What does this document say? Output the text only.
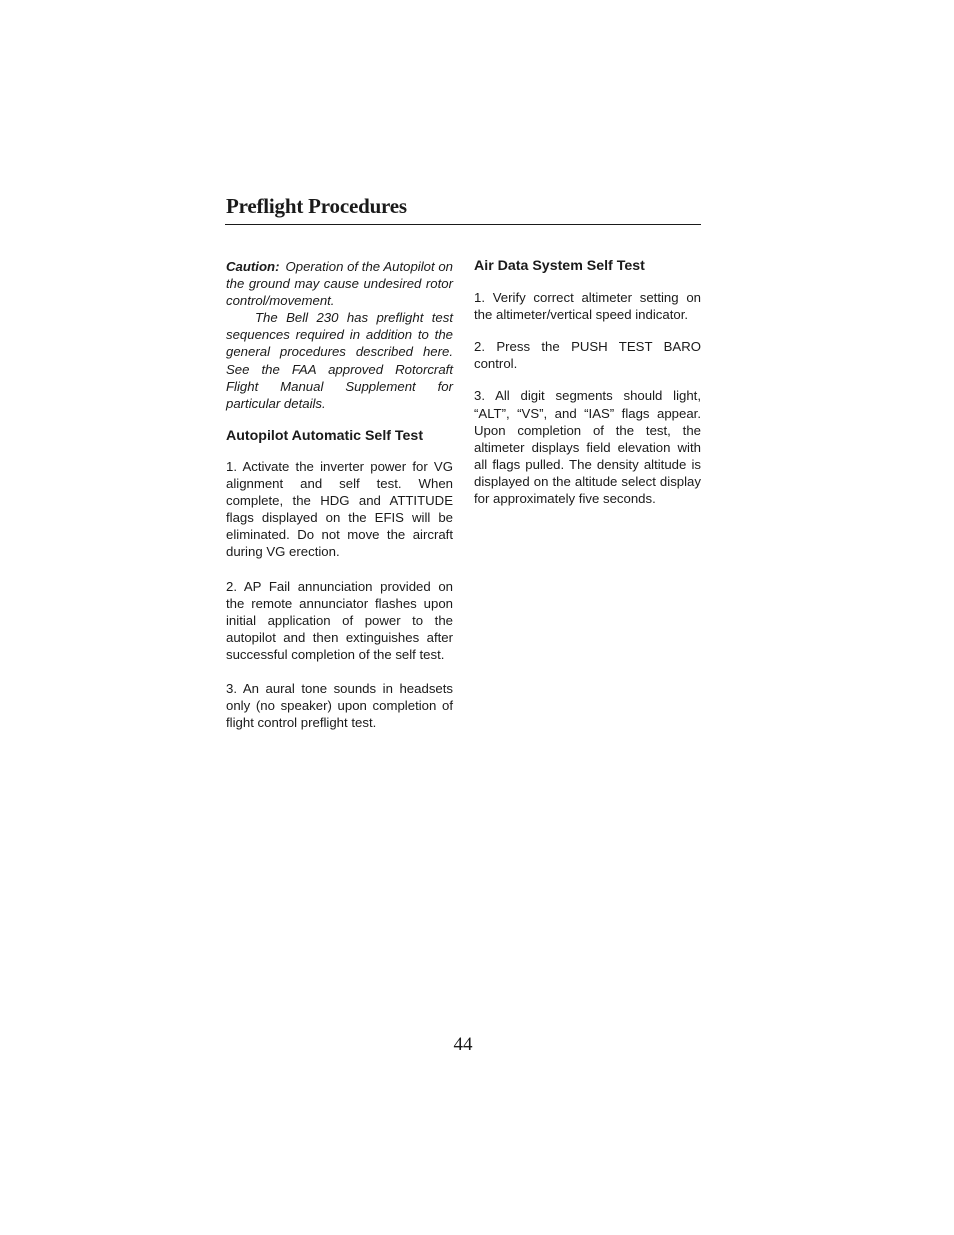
Preflight Procedures

Caution: Operation of the Autopilot on the ground may cause undesired rotor control/movement.

The Bell 230 has preflight test sequences required in addition to the general procedures described here. See the FAA approved Rotorcraft Flight Manual Supplement for particular details.

Autopilot Automatic Self Test

1. Activate the inverter power for VG alignment and self test. When complete, the HDG and ATTITUDE flags displayed on the EFIS will be eliminated. Do not move the aircraft during VG erection.

2. AP Fail annunciation provided on the remote annunciator flashes upon initial application of power to the autopilot and then extinguishes after successful completion of the self test.

3. An aural tone sounds in headsets only (no speaker) upon completion of flight control preflight test.

Air Data System Self Test

1. Verify correct altimeter setting on the altimeter/vertical speed indicator.

2. Press the PUSH TEST BARO control.

3. All digit segments should light, “ALT”, “VS”, and “IAS” flags appear. Upon completion of the test, the altimeter displays field elevation with all flags pulled. The density altitude is displayed on the altitude select display for approximately five seconds.

44
